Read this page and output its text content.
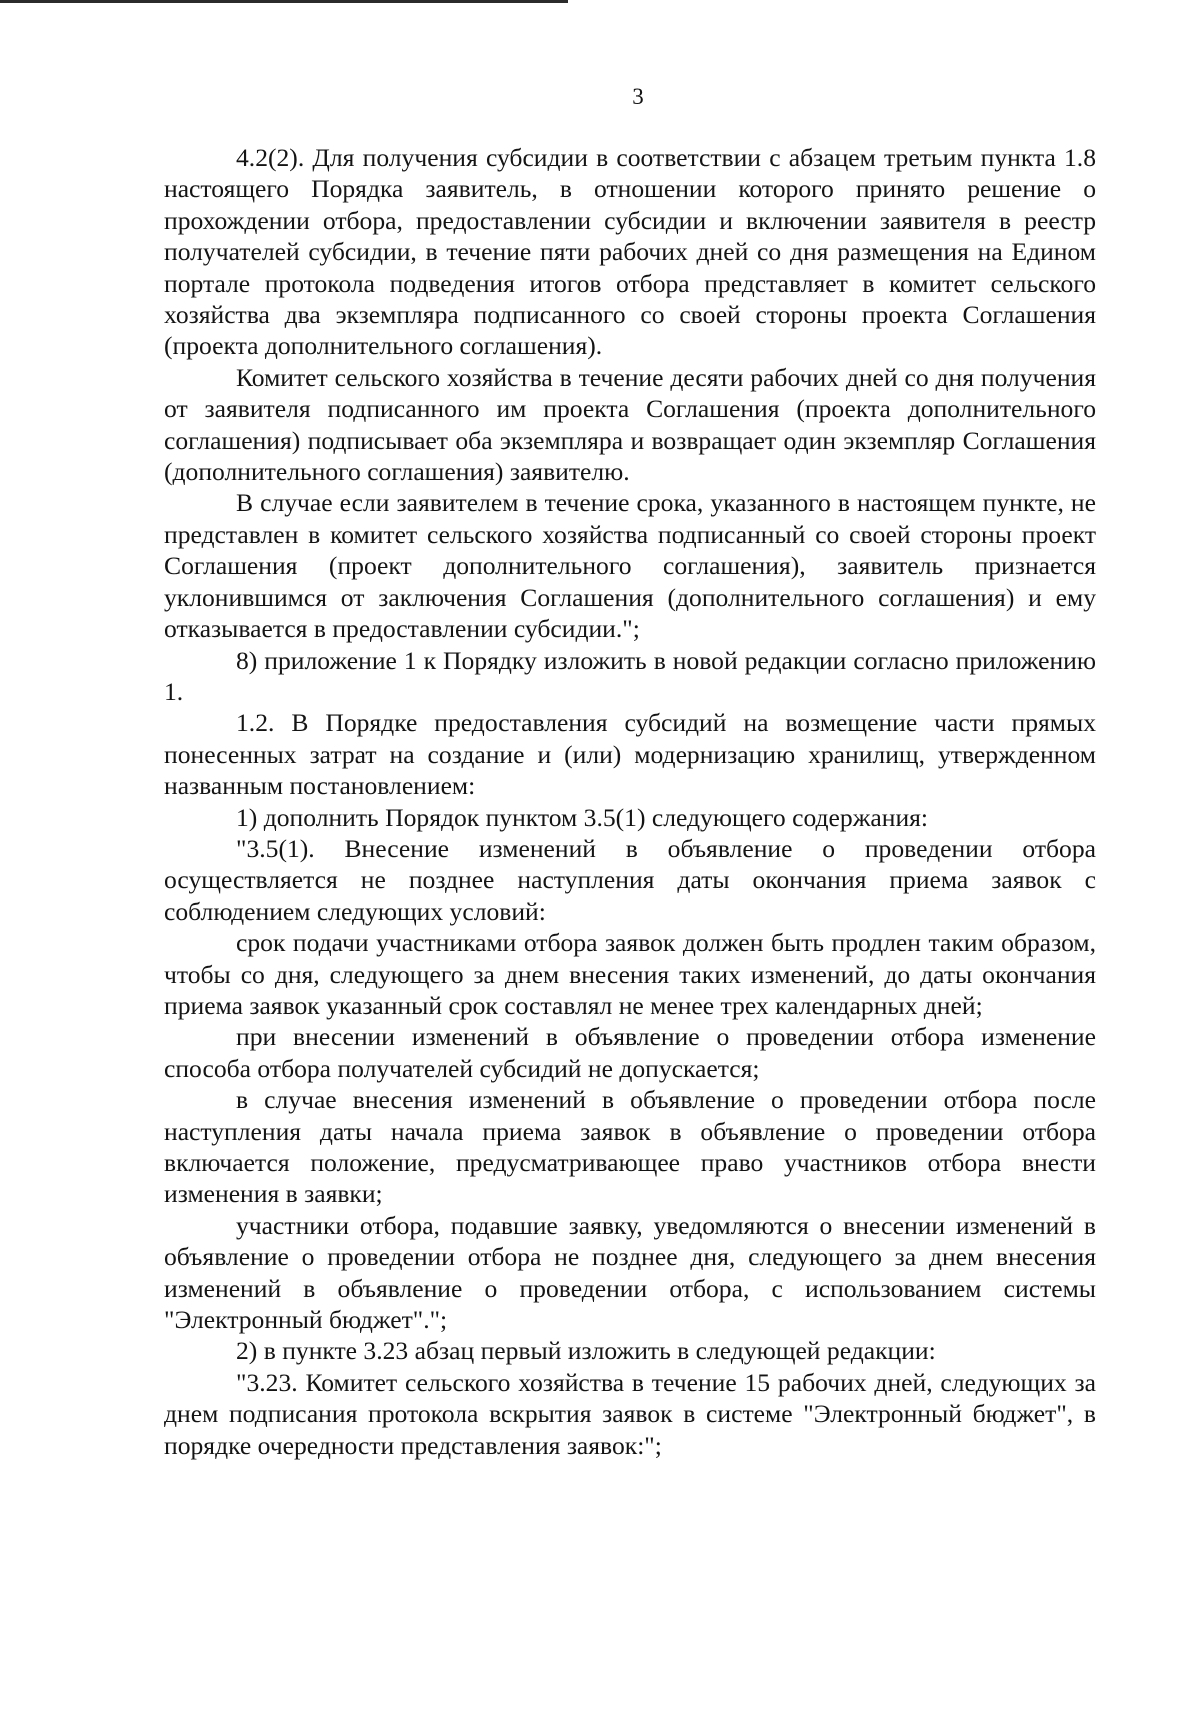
3

4.2(2). Для получения субсидии в соответствии с абзацем третьим пункта 1.8 настоящего Порядка заявитель, в отношении которого принято решение о прохождении отбора, предоставлении субсидии и включении заявителя в реестр получателей субсидии, в течение пяти рабочих дней со дня размещения на Едином портале протокола подведения итогов отбора представляет в комитет сельского хозяйства два экземпляра подписанного со своей стороны проекта Соглашения (проекта дополнительного соглашения).

Комитет сельского хозяйства в течение десяти рабочих дней со дня получения от заявителя подписанного им проекта Соглашения (проекта дополнительного соглашения) подписывает оба экземпляра и возвращает один экземпляр Соглашения (дополнительного соглашения) заявителю.

В случае если заявителем в течение срока, указанного в настоящем пункте, не представлен в комитет сельского хозяйства подписанный со своей стороны проект Соглашения (проект дополнительного соглашения), заявитель признается уклонившимся от заключения Соглашения (дополнительного соглашения) и ему отказывается в предоставлении субсидии.";

8) приложение 1 к Порядку изложить в новой редакции согласно приложению 1.

1.2. В Порядке предоставления субсидий на возмещение части прямых понесенных затрат на создание и (или) модернизацию хранилищ, утвержденном названным постановлением:

1) дополнить Порядок пунктом 3.5(1) следующего содержания:

"3.5(1). Внесение изменений в объявление о проведении отбора осуществляется не позднее наступления даты окончания приема заявок с соблюдением следующих условий:

срок подачи участниками отбора заявок должен быть продлен таким образом, чтобы со дня, следующего за днем внесения таких изменений, до даты окончания приема заявок указанный срок составлял не менее трех календарных дней;

при внесении изменений в объявление о проведении отбора изменение способа отбора получателей субсидий не допускается;

в случае внесения изменений в объявление о проведении отбора после наступления даты начала приема заявок в объявление о проведении отбора включается положение, предусматривающее право участников отбора внести изменения в заявки;

участники отбора, подавшие заявку, уведомляются о внесении изменений в объявление о проведении отбора не позднее дня, следующего за днем внесения изменений в объявление о проведении отбора, с использованием системы "Электронный бюджет".";

2) в пункте 3.23 абзац первый изложить в следующей редакции:

"3.23. Комитет сельского хозяйства в течение 15 рабочих дней, следующих за днем подписания протокола вскрытия заявок в системе "Электронный бюджет", в порядке очередности представления заявок:";
